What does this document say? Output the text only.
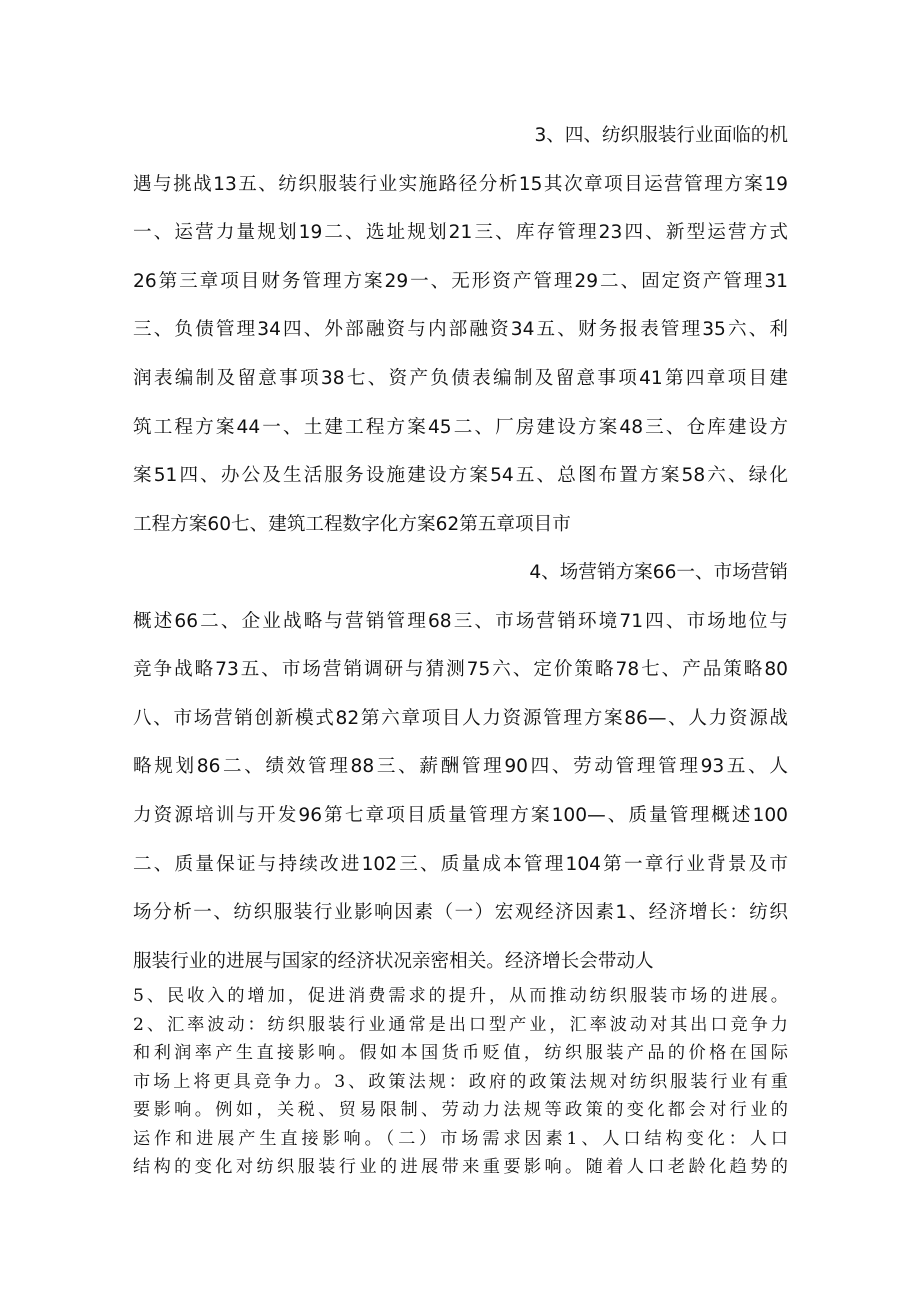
3、四、纺织服装行业面临的机
遇与挑战13五、纺织服装行业实施路径分析15其次章项目运营管理方案19
一、运营力量规划19二、选址规划21三、库存管理23四、新型运营方式
26第三章项目财务管理方案29一、无形资产管理29二、固定资产管理31
三、负债管理34四、外部融资与内部融资34五、财务报表管理35六、利
润表编制及留意事项38七、资产负债表编制及留意事项41第四章项目建
筑工程方案44一、土建工程方案45二、厂房建设方案48三、仓库建设方
案51四、办公及生活服务设施建设方案54五、总图布置方案58六、绿化
工程方案60七、建筑工程数字化方案62第五章项目市
4、场营销方案66一、市场营销
概述66二、企业战略与营销管理68三、市场营销环境71四、市场地位与
竞争战略73五、市场营销调研与猜测75六、定价策略78七、产品策略80
八、市场营销创新模式82第六章项目人力资源管理方案86—、人力资源战
略规划86二、绩效管理88三、薪酬管理90四、劳动管理管理93五、人
力资源培训与开发96第七章项目质量管理方案100—、质量管理概述100
二、质量保证与持续改进102三、质量成本管理104第一章行业背景及市
场分析一、纺织服装行业影响因素（一）宏观经济因素1、经济增长：纺织
服装行业的进展与国家的经济状况亲密相关。经济增长会带动人
5、民收入的增加，促进消费需求的提升，从而推动纺织服装市场的进展。
2、汇率波动：纺织服装行业通常是出口型产业，汇率波动对其出口竞争力
和利润率产生直接影响。假如本国货币贬值，纺织服装产品的价格在国际
市场上将更具竞争力。3、政策法规：政府的政策法规对纺织服装行业有重
要影响。例如，关税、贸易限制、劳动力法规等政策的变化都会对行业的
运作和进展产生直接影响。（二）市场需求因素1、人口结构变化：人口
结构的变化对纺织服装行业的进展带来重要影响。随着人口老龄化趋势的
